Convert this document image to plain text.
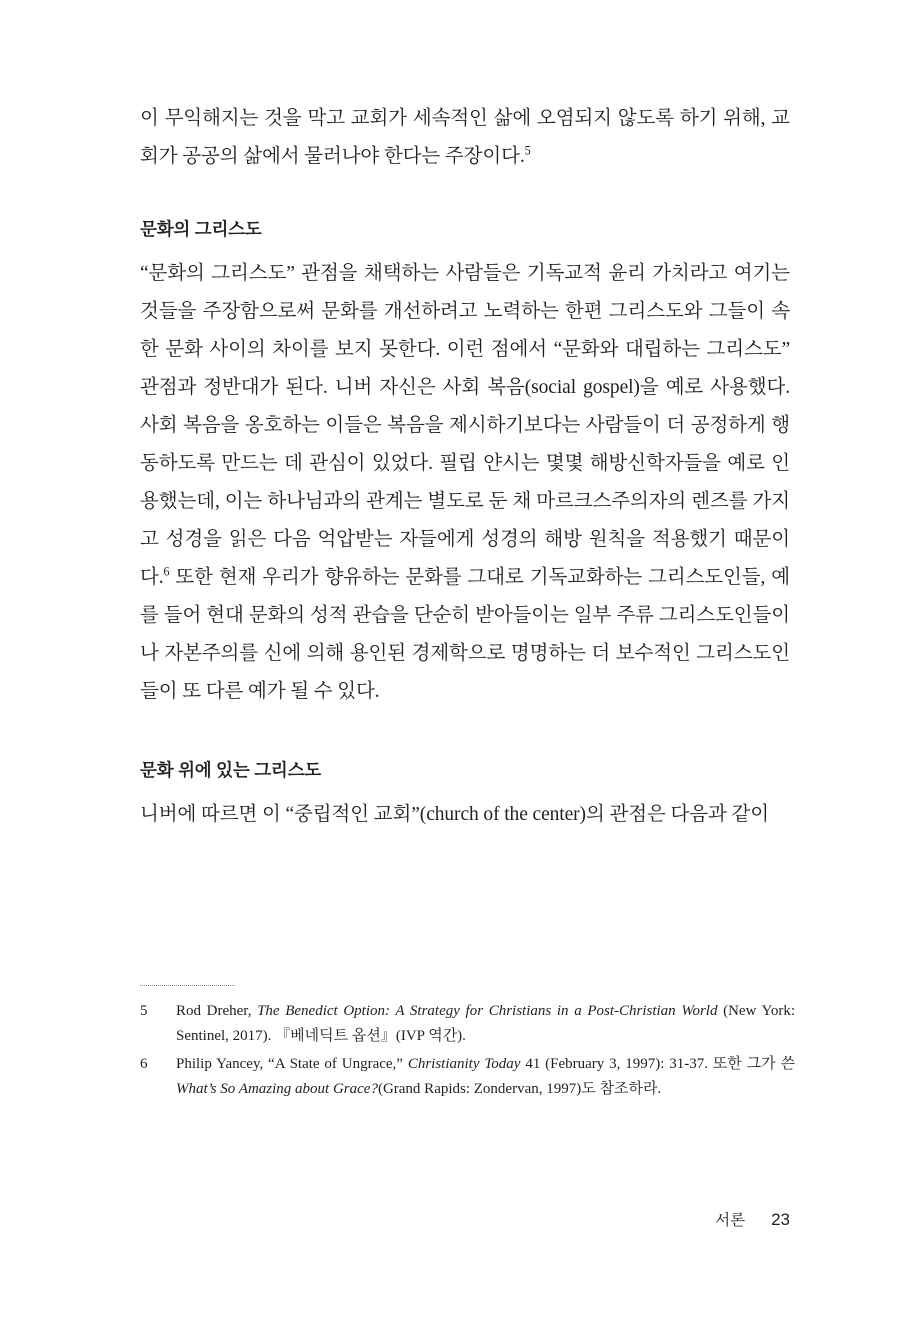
이 무익해지는 것을 막고 교회가 세속적인 삶에 오염되지 않도록 하기 위해, 교회가 공공의 삶에서 물러나야 한다는 주장이다.$^5$

문화의 그리스도

“문화의 그리스도” 관점을 채택하는 사람들은 기독교적 윤리 가치라고 여기는 것들을 주장함으로써 문화를 개선하려고 노력하는 한편 그리스도와 그들이 속한 문화 사이의 차이를 보지 못한다. 이런 점에서 “문화와 대립하는 그리스도” 관점과 정반대가 된다. 니버 자신은 사회 복음(social gospel)을 예로 사용했다. 사회 복음을 옹호하는 이들은 복음을 제시하기보다는 사람들이 더 공정하게 행동하도록 만드는 데 관심이 있었다. 필립 얀시는 몇몇 해방신학자들을 예로 인용했는데, 이는 하나님과의 관계는 별도로 둔 채 마르크스주의자의 렌즈를 가지고 성경을 읽은 다음 억압받는 자들에게 성경의 해방 원칙을 적용했기 때문이다.$^6$ 또한 현재 우리가 향유하는 문화를 그대로 기독교화하는 그리스도인들, 예를 들어 현대 문화의 성적 관습을 단순히 받아들이는 일부 주류 그리스도인들이나 자본주의를 신에 의해 용인된 경제학으로 명명하는 더 보수적인 그리스도인들이 또 다른 예가 될 수 있다.

문화 위에 있는 그리스도

니버에 따르면 이 “중립적인 교회”(church of the center)의 관점은 다음과 같이

5	Rod Dreher, The Benedict Option: A Strategy for Christians in a Post-Christian World (New York: Sentinel, 2017). 『베네딕트 옵션』(IVP 역간).
6	Philip Yancey, “A State of Ungrace,” Christianity Today 41 (February 3, 1997): 31-37. 또한 그가 쓴 What’s So Amazing about Grace?(Grand Rapids: Zondervan, 1997)도 참조하라.
서론 23
